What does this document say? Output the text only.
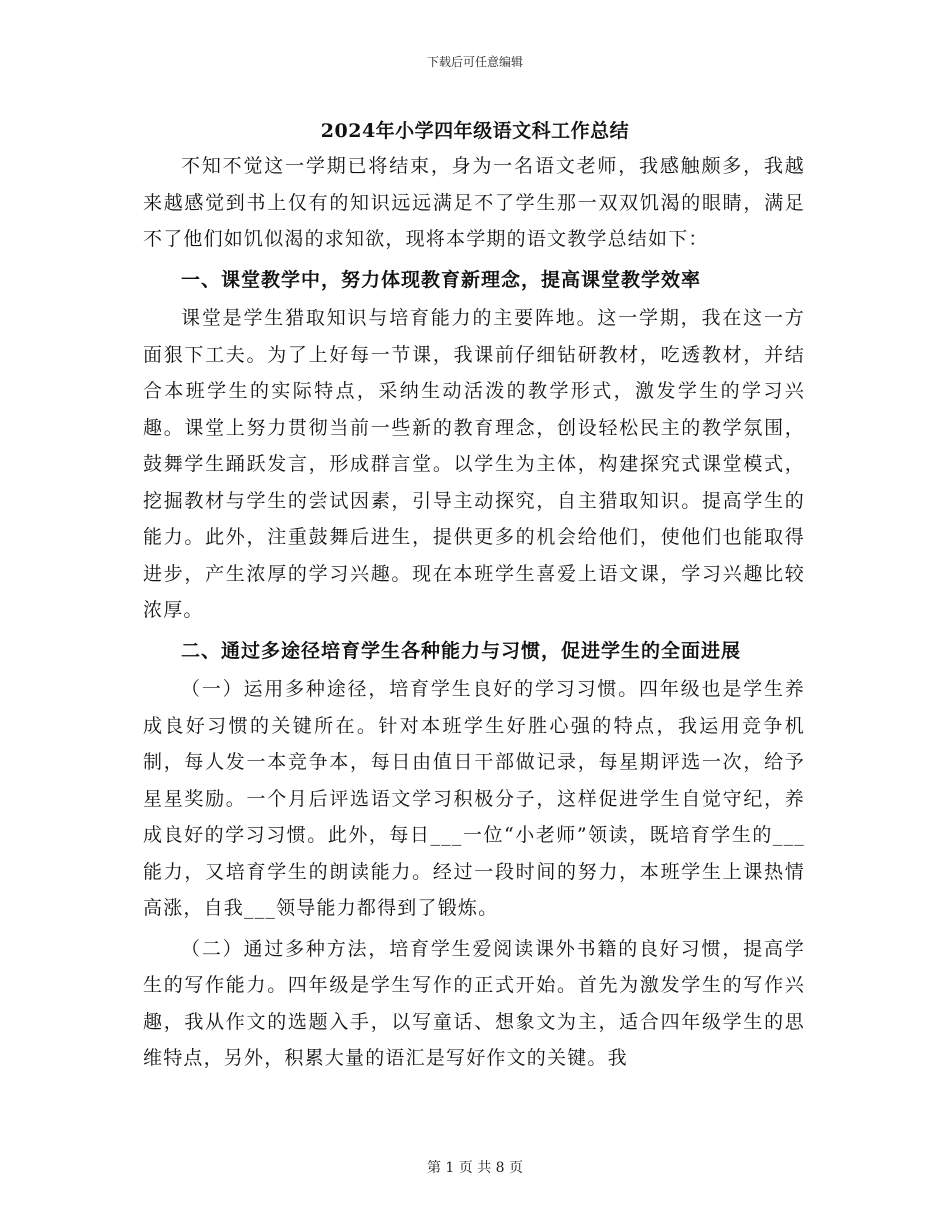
下载后可任意编辑
2024年小学四年级语文科工作总结

不知不觉这一学期已将结束，身为一名语文老师，我感触颇多，我越来越感觉到书上仅有的知识远远满足不了学生那一双双饥渴的眼睛，满足不了他们如饥似渴的求知欲，现将本学期的语文教学总结如下：

一、课堂教学中，努力体现教育新理念，提高课堂教学效率

课堂是学生猎取知识与培育能力的主要阵地。这一学期，我在这一方面狠下工夫。为了上好每一节课，我课前仔细钻研教材，吃透教材，并结合本班学生的实际特点，采纳生动活泼的教学形式，激发学生的学习兴趣。课堂上努力贯彻当前一些新的教育理念，创设轻松民主的教学氛围，鼓舞学生踊跃发言，形成群言堂。以学生为主体，构建探究式课堂模式，挖掘教材与学生的尝试因素，引导主动探究，自主猎取知识。提高学生的能力。此外，注重鼓舞后进生，提供更多的机会给他们，使他们也能取得进步，产生浓厚的学习兴趣。现在本班学生喜爱上语文课，学习兴趣比较浓厚。

二、通过多途径培育学生各种能力与习惯，促进学生的全面进展

（一）运用多种途径，培育学生良好的学习习惯。四年级也是学生养成良好习惯的关键所在。针对本班学生好胜心强的特点，我运用竞争机制，每人发一本竞争本，每日由值日干部做记录，每星期评选一次，给予星星奖励。一个月后评选语文学习积极分子，这样促进学生自觉守纪，养成良好的学习习惯。此外，每日___一位“小老师”领读，既培育学生的___能力，又培育学生的朗读能力。经过一段时间的努力，本班学生上课热情高涨，自我___领导能力都得到了锻炼。

（二）通过多种方法，培育学生爱阅读课外书籍的良好习惯，提高学生的写作能力。四年级是学生写作的正式开始。首先为激发学生的写作兴趣，我从作文的选题入手，以写童话、想象文为主，适合四年级学生的思维特点，另外，积累大量的语汇是写好作文的关键。我

第 1 页 共 8 页
